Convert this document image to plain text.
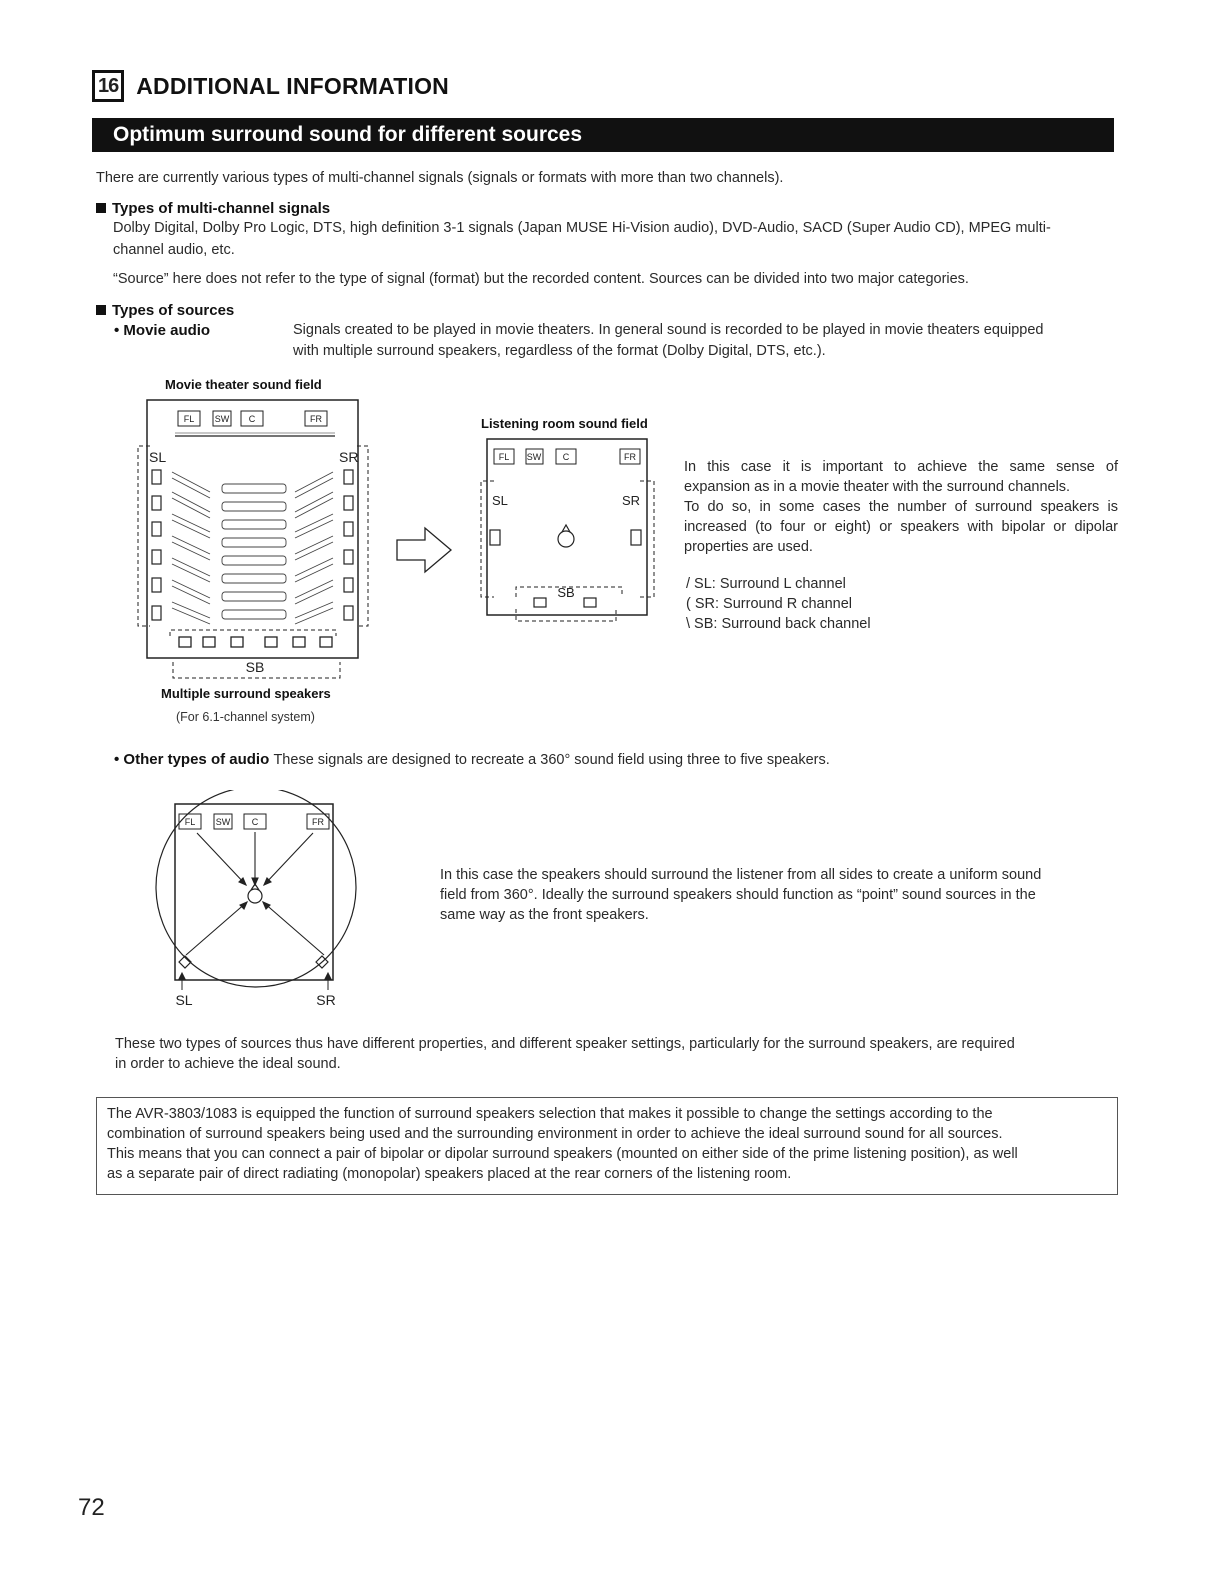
16 ADDITIONAL INFORMATION
Optimum surround sound for different sources
There are currently various types of multi-channel signals (signals or formats with more than two channels).
Types of multi-channel signals
Dolby Digital, Dolby Pro Logic, DTS, high definition 3-1 signals (Japan MUSE Hi-Vision audio), DVD-Audio, SACD (Super Audio CD), MPEG multi-
channel audio, etc.
“Source” here does not refer to the type of signal (format) but the recorded content. Sources can be divided into two major categories.
Types of sources
• Movie audio	Signals created to be played in movie theaters. In general sound is recorded to be played in movie theaters equipped
with multiple surround speakers, regardless of the format (Dolby Digital, DTS, etc.).
Movie theater sound field
FL SW C	FR
SL	SR
SB
Multiple surround speakers
(For 6.1-channel system)
Listening room sound field
FL SW C	FR
SL	SR
SB
In this case it is important to achieve the same sense of
expansion as in a movie theater with the surround channels.
To do so, in some cases the number of surround speakers is
increased (to four or eight) or speakers with bipolar or dipolar
properties are used.
/ SL: Surround L channel
( SR: Surround R channel
\ SB: Surround back channel
• Other types of audio These signals are designed to recreate a 360° sound field using three to five speakers.
FL SW C	FR
SL	SR
In this case the speakers should surround the listener from all sides to create a uniform sound
field from 360°. Ideally the surround speakers should function as “point” sound sources in the
same way as the front speakers.
These two types of sources thus have different properties, and different speaker settings, particularly for the surround speakers, are required
in order to achieve the ideal sound.
The AVR-3803/1083 is equipped the function of surround speakers selection that makes it possible to change the settings according to the
combination of surround speakers being used and the surrounding environment in order to achieve the ideal surround sound for all sources.
This means that you can connect a pair of bipolar or dipolar surround speakers (mounted on either side of the prime listening position), as well
as a separate pair of direct radiating (monopolar) speakers placed at the rear corners of the listening room.
72
